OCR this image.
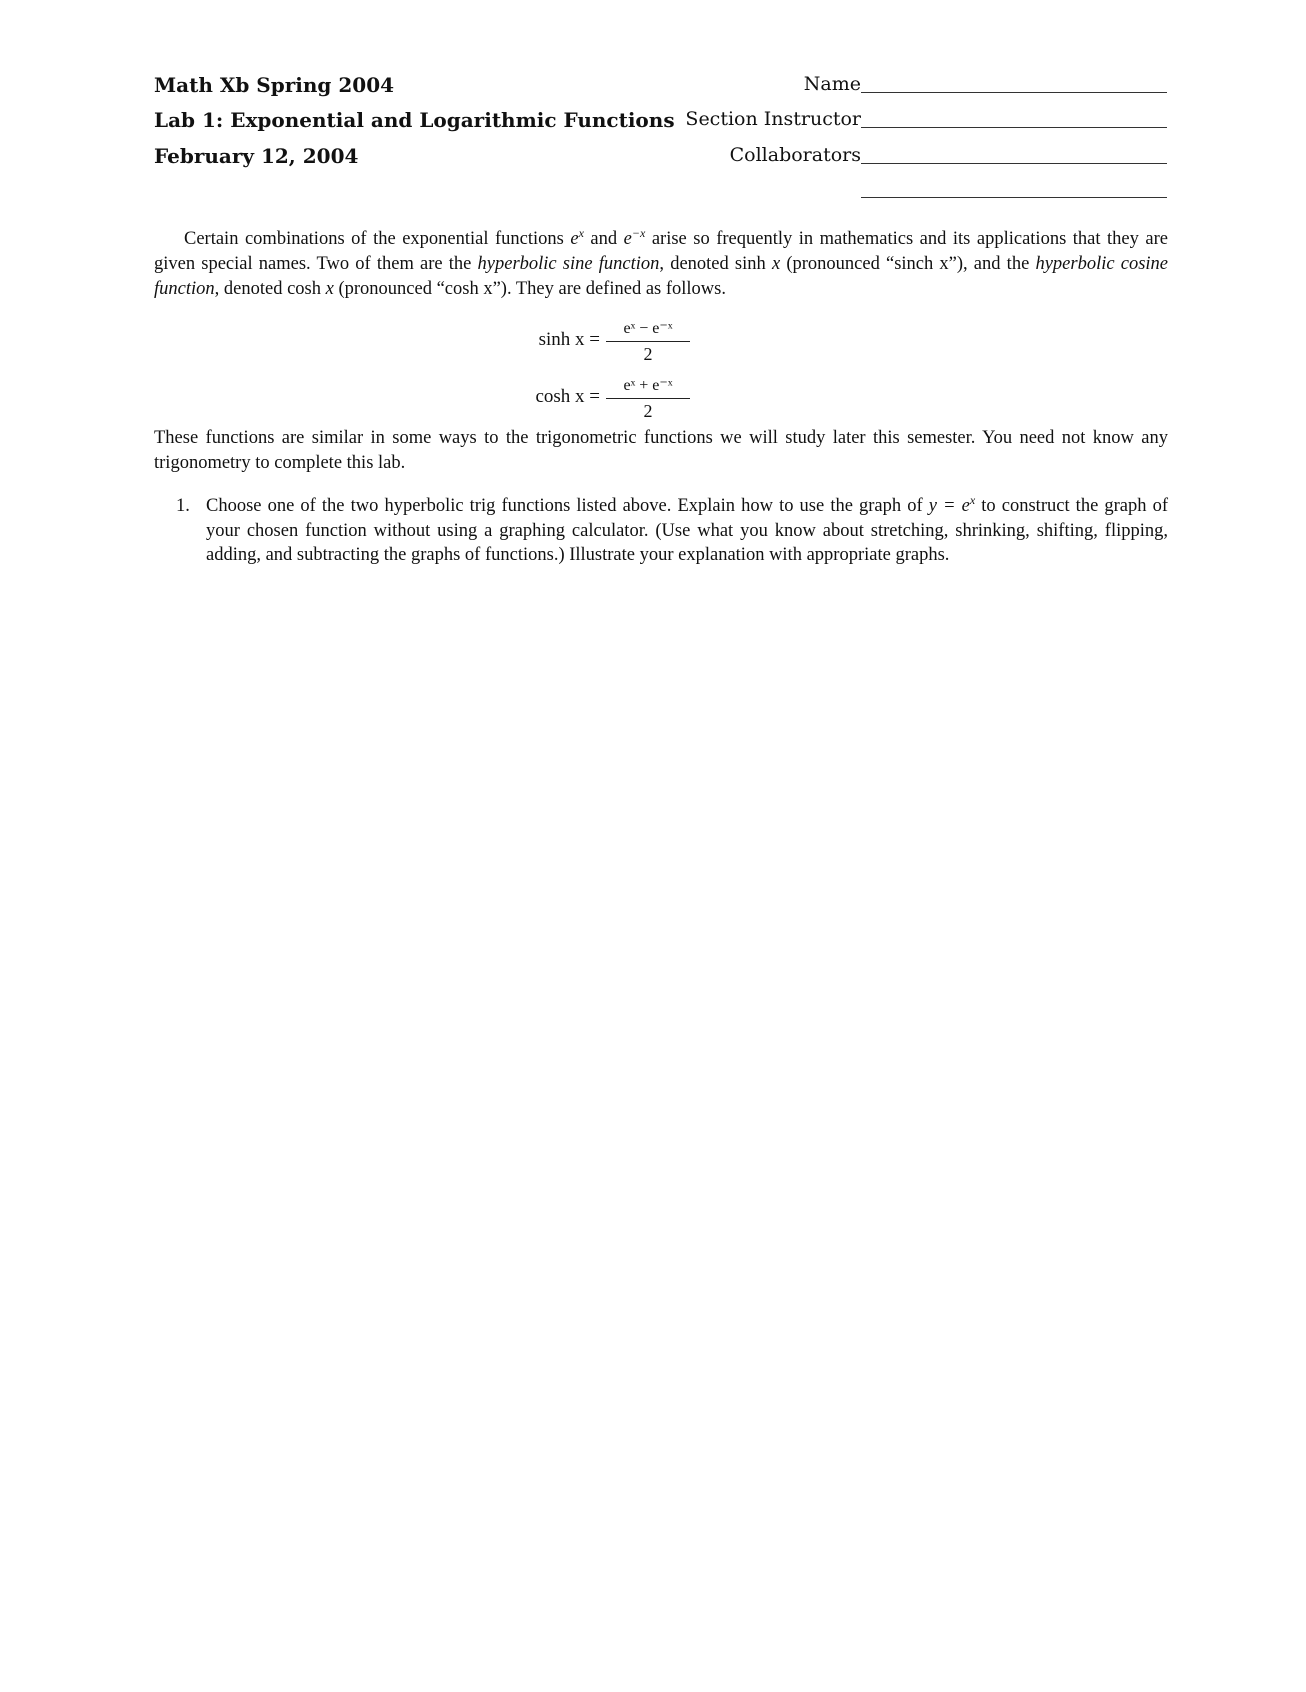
Math Xb Spring 2004
Lab 1: Exponential and Logarithmic Functions
February 12, 2004
Name
Section Instructor
Collaborators
Certain combinations of the exponential functions $e^x$ and $e^{-x}$ arise so frequently in mathematics and its applications that they are given special names. Two of them are the hyperbolic sine function, denoted sinh x (pronounced “sinch x”), and the hyperbolic cosine function, denoted cosh x (pronounced “cosh x”). They are defined as follows.
sinh x =
eˣ − e⁻ˣ
2
cosh x =
eˣ + e⁻ˣ
2
These functions are similar in some ways to the trigonometric functions we will study later this semester. You need not know any trigonometry to complete this lab.
1. Choose one of the two hyperbolic trig functions listed above. Explain how to use the graph of $y = e^x$ to construct the graph of your chosen function without using a graphing calculator. (Use what you know about stretching, shrinking, shifting, flipping, adding, and subtracting the graphs of functions.) Illustrate your explanation with appropriate graphs.
